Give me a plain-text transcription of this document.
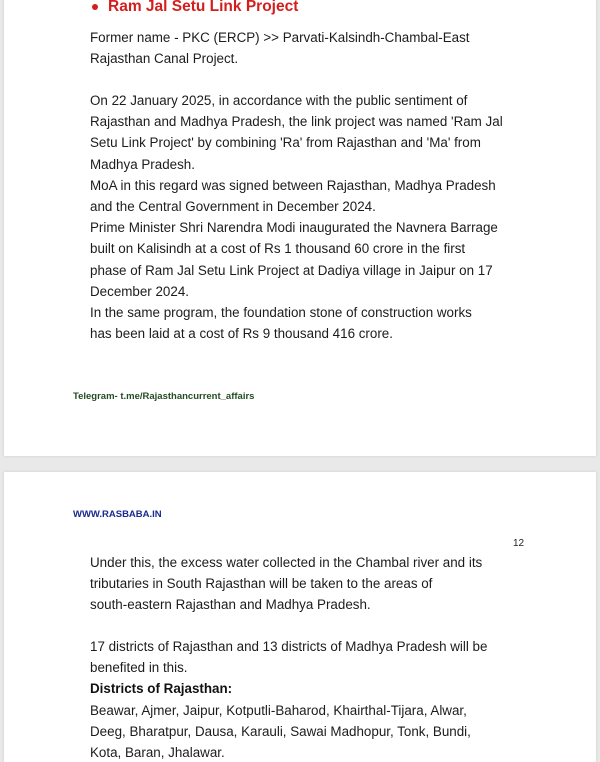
Ram Jal Setu Link Project
Former name - PKC (ERCP) >> Parvati-Kalsindh-Chambal-East
Rajasthan Canal Project.
On 22 January 2025, in accordance with the public sentiment of
Rajasthan and Madhya Pradesh, the link project was named 'Ram Jal
Setu Link Project' by combining 'Ra' from Rajasthan and 'Ma' from
Madhya Pradesh.
MoA in this regard was signed between Rajasthan, Madhya Pradesh
and the Central Government in December 2024.
Prime Minister Shri Narendra Modi inaugurated the Navnera Barrage
built on Kalisindh at a cost of Rs 1 thousand 60 crore in the first
phase of Ram Jal Setu Link Project at Dadiya village in Jaipur on 17
December 2024.
In the same program, the foundation stone of construction works
has been laid at a cost of Rs 9 thousand 416 crore.
Telegram- t.me/Rajasthancurrent_affairs
WWW.RASBABA.IN
12
Under this, the excess water collected in the Chambal river and its
tributaries in South Rajasthan will be taken to the areas of
south-eastern Rajasthan and Madhya Pradesh.
17 districts of Rajasthan and 13 districts of Madhya Pradesh will be
benefited in this.
Districts of Rajasthan:
Beawar, Ajmer, Jaipur, Kotputli-Baharod, Khairthal-Tijara, Alwar,
Deeg, Bharatpur, Dausa, Karauli, Sawai Madhopur, Tonk, Bundi,
Kota, Baran, Jhalawar.
